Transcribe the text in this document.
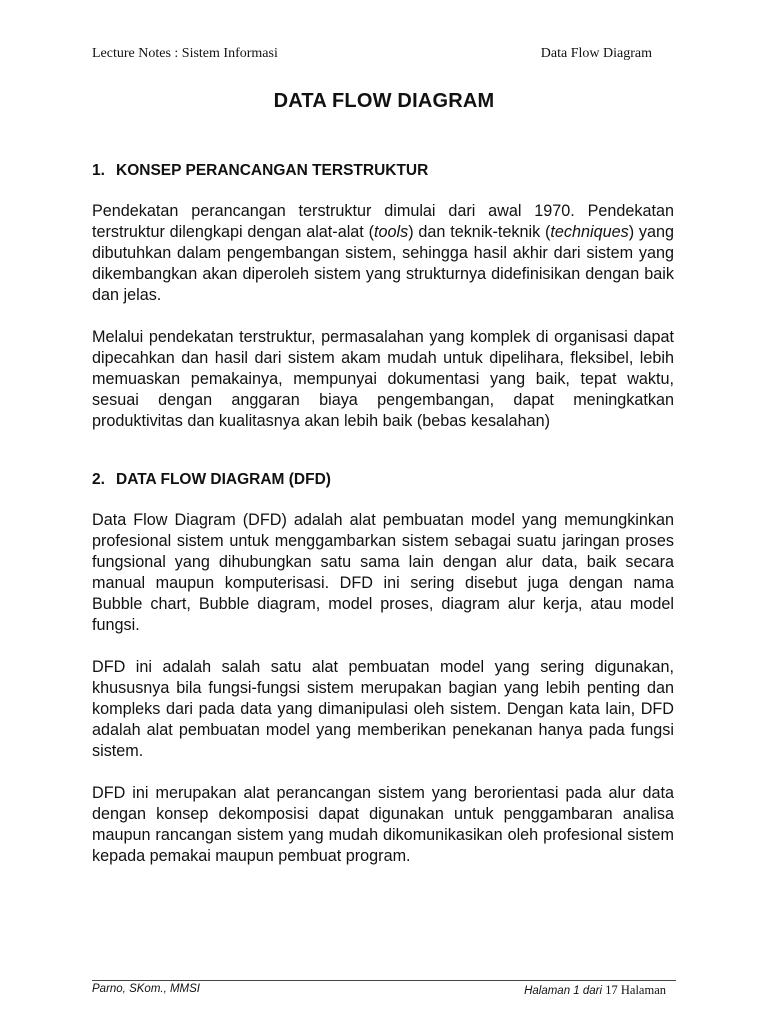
Lecture Notes : Sistem Informasi	Data Flow Diagram
DATA FLOW DIAGRAM
1. KONSEP PERANCANGAN TERSTRUKTUR

Pendekatan perancangan terstruktur dimulai dari awal 1970. Pendekatan terstruktur dilengkapi dengan alat-alat (tools) dan teknik-teknik (techniques) yang dibutuhkan dalam pengembangan sistem, sehingga hasil akhir dari sistem yang dikembangkan akan diperoleh sistem yang strukturnya didefinisikan dengan baik dan jelas.

Melalui pendekatan terstruktur, permasalahan yang komplek di organisasi dapat dipecahkan dan hasil dari sistem akam mudah untuk dipelihara, fleksibel, lebih memuaskan pemakainya, mempunyai dokumentasi yang baik, tepat waktu, sesuai dengan anggaran biaya pengembangan, dapat meningkatkan produktivitas dan kualitasnya akan lebih baik (bebas kesalahan)

2. DATA FLOW DIAGRAM (DFD)

Data Flow Diagram (DFD) adalah alat pembuatan model yang memungkinkan profesional sistem untuk menggambarkan sistem sebagai suatu jaringan proses fungsional yang dihubungkan satu sama lain dengan alur data, baik secara manual maupun komputerisasi. DFD ini sering disebut juga dengan nama Bubble chart, Bubble diagram, model proses, diagram alur kerja, atau model fungsi.

DFD ini adalah salah satu alat pembuatan model yang sering digunakan, khususnya bila fungsi-fungsi sistem merupakan bagian yang lebih penting dan kompleks dari pada data yang dimanipulasi oleh sistem. Dengan kata lain, DFD adalah alat pembuatan model yang memberikan penekanan hanya pada fungsi sistem.

DFD ini merupakan alat perancangan sistem yang berorientasi pada alur data dengan konsep dekomposisi dapat digunakan untuk penggambaran analisa maupun rancangan sistem yang mudah dikomunikasikan oleh profesional sistem kepada pemakai maupun pembuat program.

Parno, SKom., MMSI	Halaman 1 dari 17 Halaman
